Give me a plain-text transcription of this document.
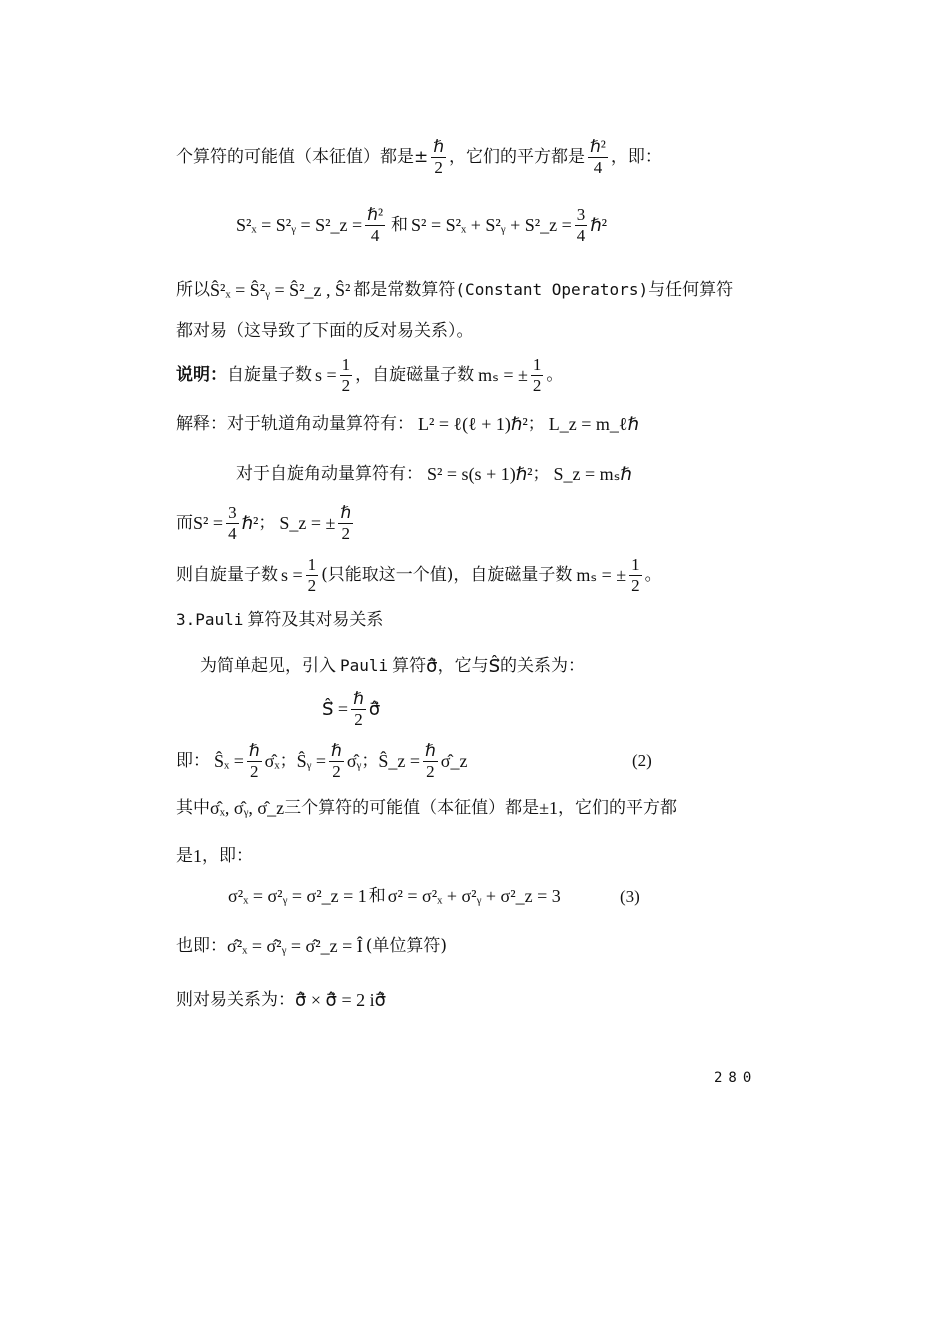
个算符的可能值（本征值）都是± $\frac{\text{ℏ}}{2}$ ，它们的平方都是 $\frac{\text{ℏ²}}{4}$ ，即：
S²ₓ = S²ᵧ = S²_z = $\frac{\text{ℏ²}}{4}$ 和 S² = S²ₓ + S²ᵧ + S²_z = $\frac{3}{4}$ ℏ²
所以 Ŝ²ₓ = Ŝ²ᵧ = Ŝ²_z , Ŝ² 都是常数算符 (Constant Operators) 与任何算符
都对易（这导致了下面的反对易关系）。
说明： 自旋量子数 $s = \frac{1}{2}$ ，自旋磁量子数 mₛ = ± $\frac{1}{2}$ 。
解释：对于轨道角动量算符有： L² = ℓ(ℓ + 1)ℏ² ； L_z = m_ℓℏ
对于自旋角动量算符有： S² = s(s + 1)ℏ² ； S_z = mₛℏ
而 $S^2 = \frac{3}{4}$ ℏ² ； S_z = ± $\frac{\text{ℏ}}{2}$
则自旋量子数 $s = \frac{1}{2}$ (只能取这一个值)，自旋磁量子数 mₛ = ± $\frac{1}{2}$ 。
3.Pauli 算符及其对易关系
为简单起见，引入 Pauli 算符 σ̂⃗ ，它与 Ŝ⃗ 的关系为：
Ŝ⃗ = $\frac{\text{ℏ}}{2}$ σ̂⃗
即： Ŝₓ = $\frac{\text{ℏ}}{2}$ σ̂ₓ ； Ŝᵧ = $\frac{\text{ℏ}}{2}$ σ̂ᵧ ； Ŝ_z = $\frac{\text{ℏ}}{2}$ σ̂_z	(2)
其中 σ̂ₓ, σ̂ᵧ, σ̂_z 三个算符的可能值（本征值）都是 ±1 ，它们的平方都
是 1 ，即：
σ²ₓ = σ²ᵧ = σ²_z = 1 和 σ² = σ²ₓ + σ²ᵧ + σ²_z = 3	(3)
也即： σ̂²ₓ = σ̂²ᵧ = σ̂²_z = Î (单位算符)
则对易关系为： σ̂⃗ × σ̂⃗ = 2 iσ̂⃗
280
